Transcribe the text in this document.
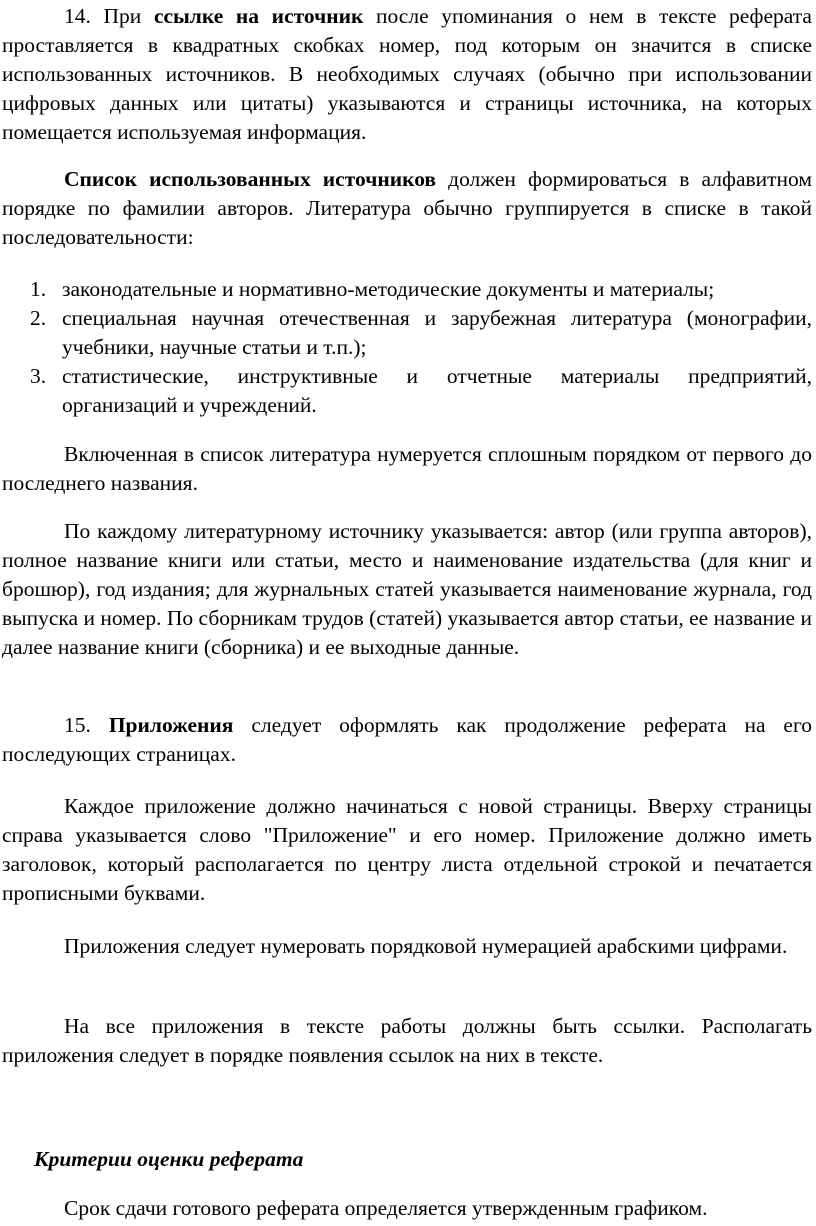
14. При ссылке на источник после упоминания о нем в тексте реферата проставляется в квадратных скобках номер, под которым он значится в списке использованных источников. В необходимых случаях (обычно при использовании цифровых данных или цитаты) указываются и страницы источника, на которых помещается используемая информация.

Список использованных источников должен формироваться в алфавитном порядке по фамилии авторов. Литература обычно группируется в списке в такой последовательности:

1. законодательные и нормативно-методические документы и материалы;
2. специальная научная отечественная и зарубежная литература (монографии, учебники, научные статьи и т.п.);
3. статистические, инструктивные и отчетные материалы предприятий, организаций и учреждений.

Включенная в список литература нумеруется сплошным порядком от первого до последнего названия.

По каждому литературному источнику указывается: автор (или группа авторов), полное название книги или статьи, место и наименование издательства (для книг и брошюр), год издания; для журнальных статей указывается наименование журнала, год выпуска и номер. По сборникам трудов (статей) указывается автор статьи, ее название и далее название книги (сборника) и ее выходные данные.

15. Приложения следует оформлять как продолжение реферата на его последующих страницах.

Каждое приложение должно начинаться с новой страницы. Вверху страницы справа указывается слово "Приложение" и его номер. Приложение должно иметь заголовок, который располагается по центру листа отдельной строкой и печатается прописными буквами.

Приложения следует нумеровать порядковой нумерацией арабскими цифрами.

На все приложения в тексте работы должны быть ссылки. Располагать приложения следует в порядке появления ссылок на них в тексте.

Критерии оценки реферата

Срок сдачи готового реферата определяется утвержденным графиком.
